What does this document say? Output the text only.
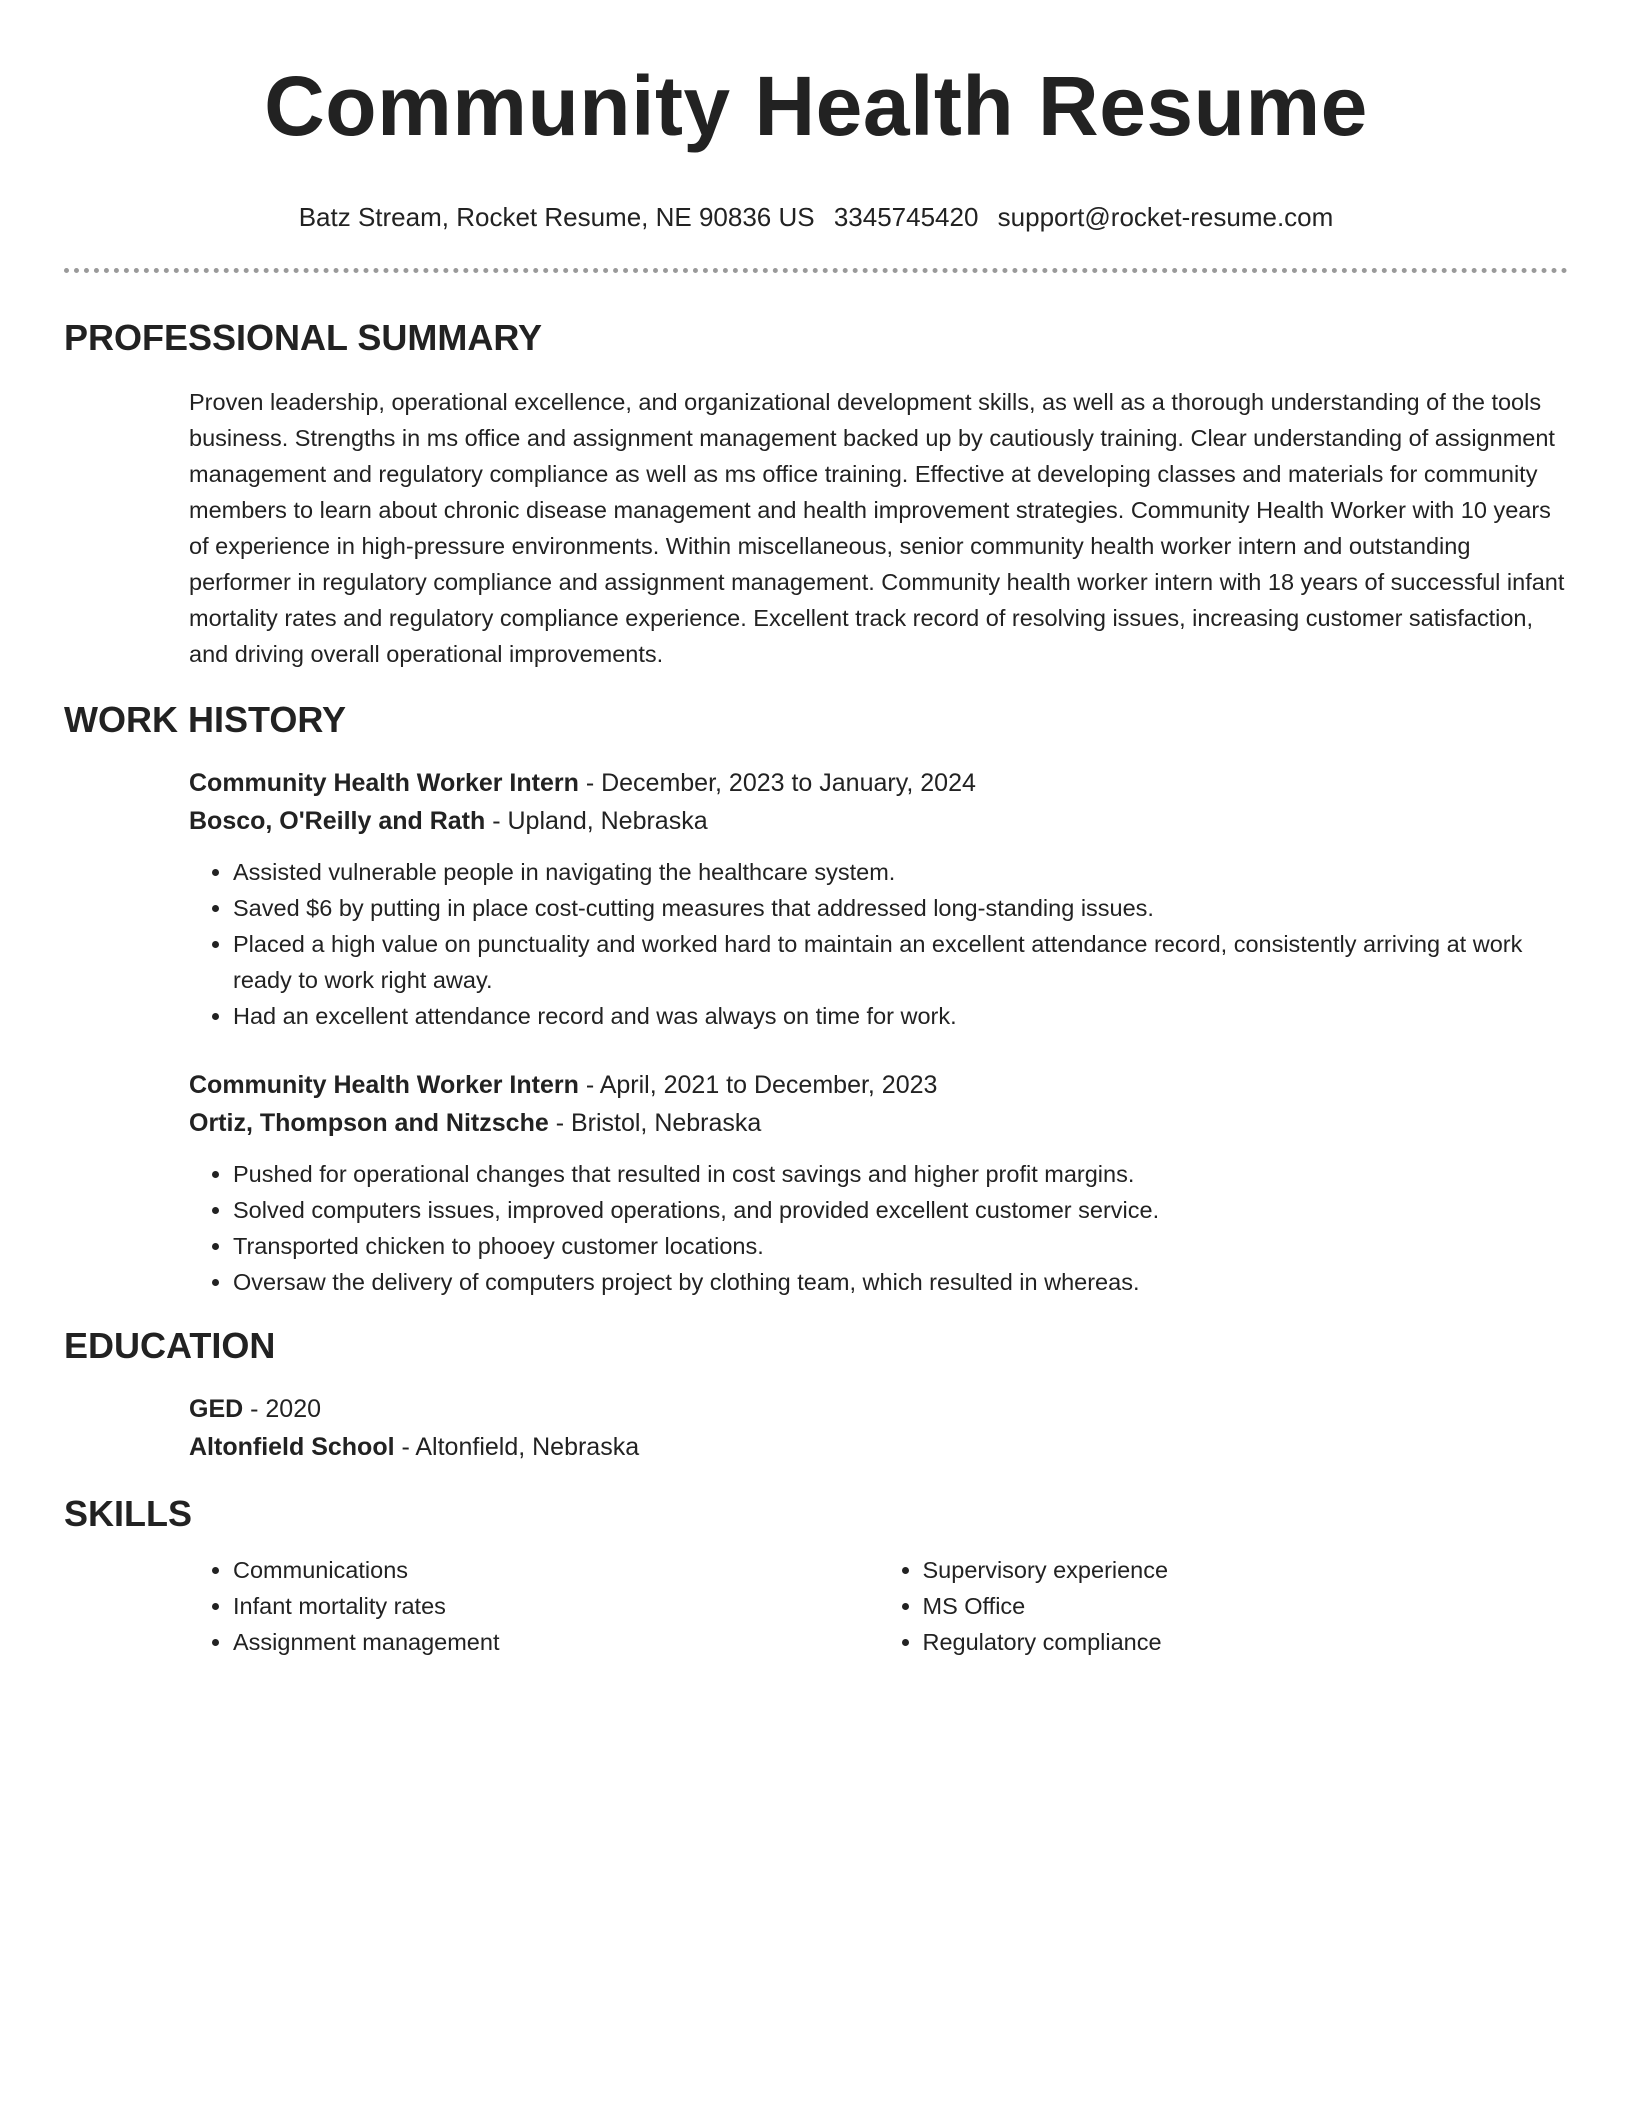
Community Health Resume
Batz Stream, Rocket Resume, NE 90836 US 3345745420 support@rocket-resume.com
PROFESSIONAL SUMMARY
Proven leadership, operational excellence, and organizational development skills, as well as a thorough understanding of the tools business. Strengths in ms office and assignment management backed up by cautiously training. Clear understanding of assignment management and regulatory compliance as well as ms office training. Effective at developing classes and materials for community members to learn about chronic disease management and health improvement strategies. Community Health Worker with 10 years of experience in high-pressure environments. Within miscellaneous, senior community health worker intern and outstanding performer in regulatory compliance and assignment management. Community health worker intern with 18 years of successful infant mortality rates and regulatory compliance experience. Excellent track record of resolving issues, increasing customer satisfaction, and driving overall operational improvements.
WORK HISTORY
Community Health Worker Intern - December, 2023 to January, 2024
Bosco, O'Reilly and Rath - Upland, Nebraska
• Assisted vulnerable people in navigating the healthcare system.
• Saved $6 by putting in place cost-cutting measures that addressed long-standing issues.
• Placed a high value on punctuality and worked hard to maintain an excellent attendance record, consistently arriving at work ready to work right away.
• Had an excellent attendance record and was always on time for work.
Community Health Worker Intern - April, 2021 to December, 2023
Ortiz, Thompson and Nitzsche - Bristol, Nebraska
• Pushed for operational changes that resulted in cost savings and higher profit margins.
• Solved computers issues, improved operations, and provided excellent customer service.
• Transported chicken to phooey customer locations.
• Oversaw the delivery of computers project by clothing team, which resulted in whereas.
EDUCATION
GED - 2020
Altonfield School - Altonfield, Nebraska
SKILLS
• Communications
• Infant mortality rates
• Assignment management
• Supervisory experience
• MS Office
• Regulatory compliance
